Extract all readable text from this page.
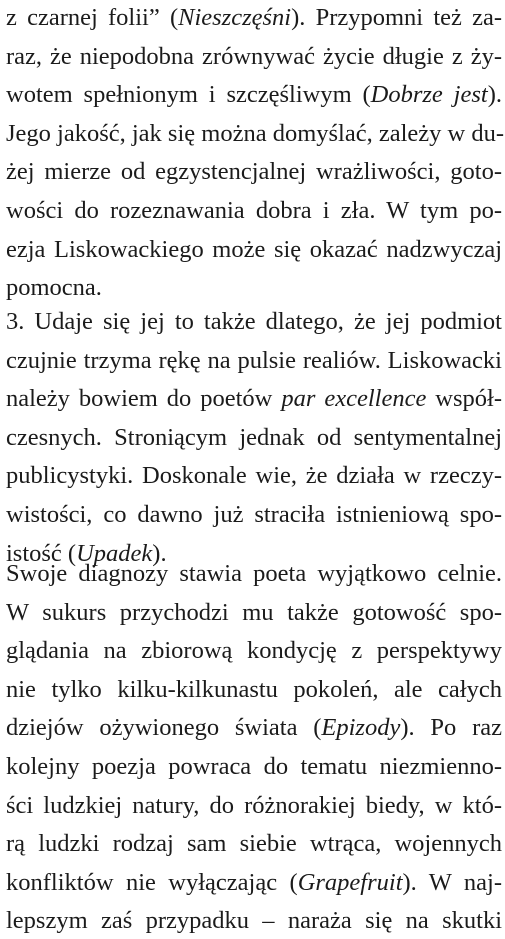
z czarnej folii” (Nieszczęśni). Przypomni też za-
raz, że niepodobna zrównywać życie długie z ży-
wotem spełnionym i szczęśliwym (Dobrze jest).
Jego jakość, jak się można domyślać, zależy w du-
żej mierze od egzystencjalnej wrażliwości, goto-
wości do rozeznawania dobra i zła. W tym po-
ezja Liskowackiego może się okazać nadzwyczaj
pomocna.
3. Udaje się jej to także dlatego, że jej podmiot
czujnie trzyma rękę na pulsie realiów. Liskowacki
należy bowiem do poetów par excellence współ-
czesnych. Stroniącym jednak od sentymentalnej
publicystyki. Doskonale wie, że działa w rzeczy-
wistości, co dawno już straciła istnieniową spo-
istość (Upadek).
Swoje diagnozy stawia poeta wyjątkowo celnie.
W sukurs przychodzi mu także gotowość spo-
glądania na zbiorową kondycję z perspektywy
nie tylko kilku-kilkunastu pokoleń, ale całych
dziejów ożywionego świata (Epizody). Po raz
kolejny poezja powraca do tematu niezmienno-
ści ludzkiej natury, do różnorakiej biedy, w któ-
rą ludzki rodzaj sam siebie wtrąca, wojennych
konfliktów nie wyłączając (Grapefruit). W naj-
lepszym zaś przypadku – naraża się na skutki
